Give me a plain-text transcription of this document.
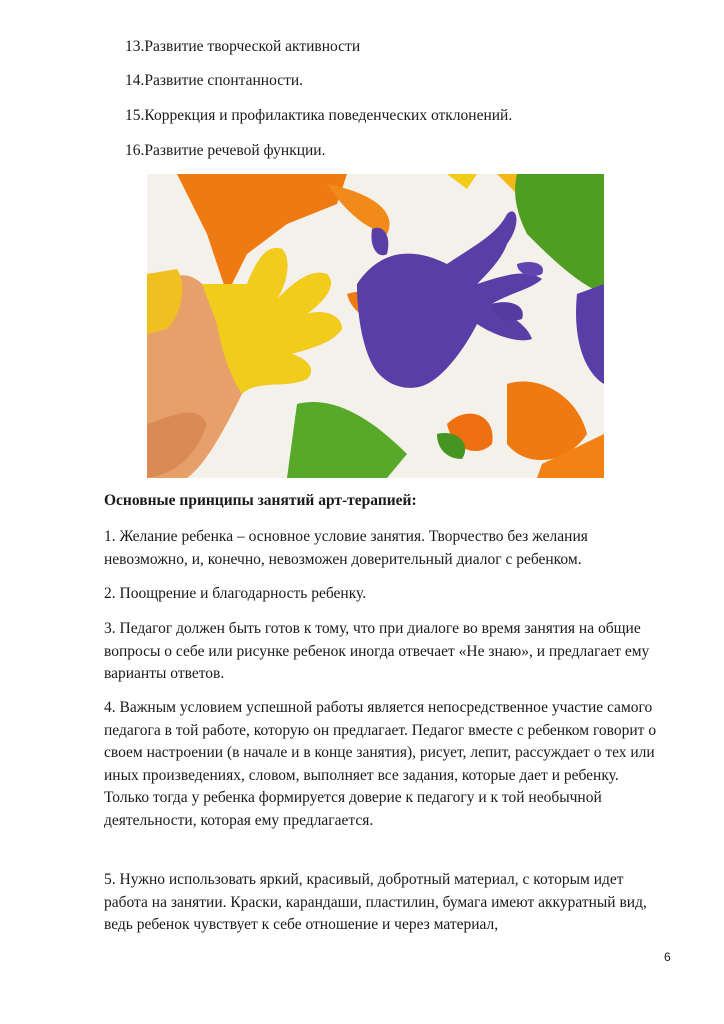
13.Развитие творческой активности
14.Развитие спонтанности.
15.Коррекция и профилактика поведенческих отклонений.
16.Развитие речевой функции.
Основные принципы занятий арт-терапией:
1. Желание ребенка – основное условие занятия. Творчество без желания невозможно, и, конечно, невозможен доверительный диалог с ребенком.
2. Поощрение и благодарность ребенку.
3. Педагог должен быть готов к тому, что при диалоге во время занятия на общие вопросы о себе или рисунке ребенок иногда отвечает «Не знаю», и предлагает ему варианты ответов.
4. Важным условием успешной работы является непосредственное участие самого педагога в той работе, которую он предлагает. Педагог вместе с ребенком говорит о своем настроении (в начале и в конце занятия), рисует, лепит, рассуждает о тех или иных произведениях, словом, выполняет все задания, которые дает и ребенку. Только тогда у ребенка формируется доверие к педагогу и к той необычной деятельности, которая ему предлагается.
5. Нужно использовать яркий, красивый, добротный материал, с которым идет работа на занятии. Краски, карандаши, пластилин, бумага имеют аккуратный вид, ведь ребенок чувствует к себе отношение и через материал,
6
